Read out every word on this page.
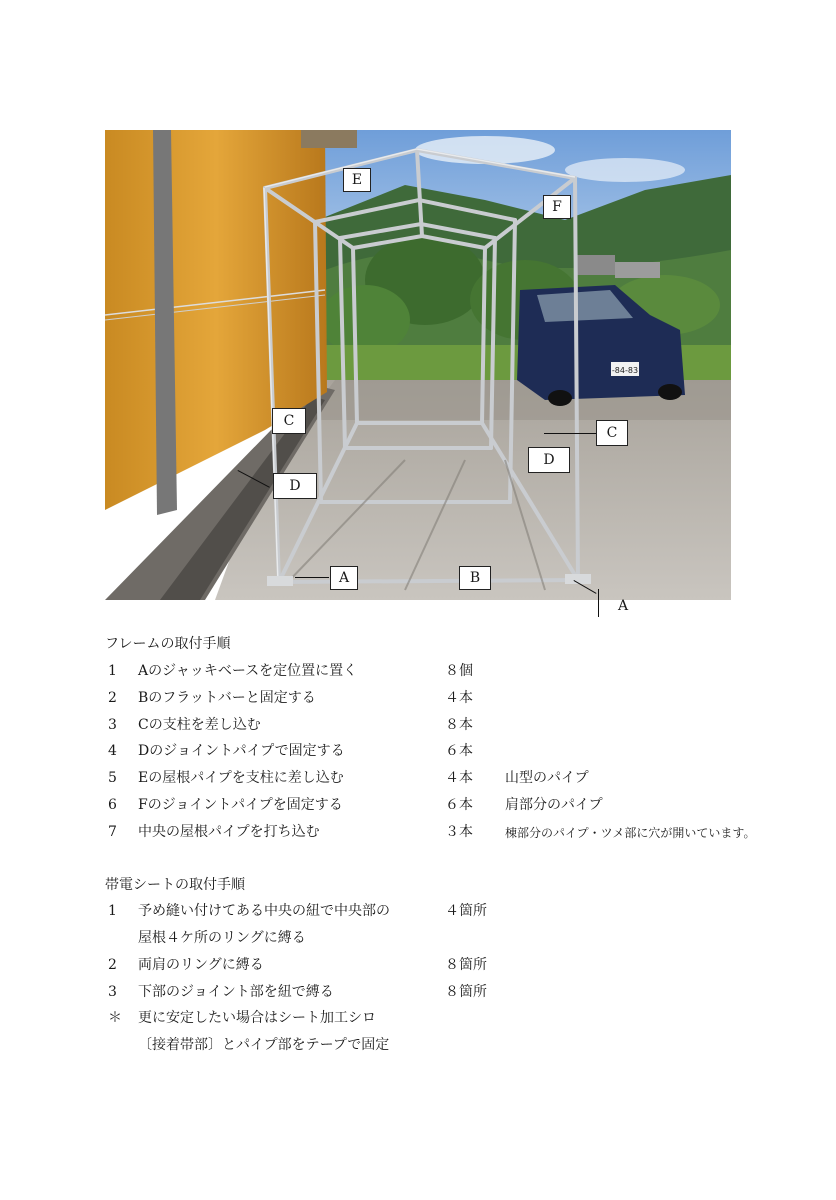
-84-83
E
F
C
C
D
D
A	B
A
フレームの取付手順
1 Aのジャッキベースを定位置に置く	８個
2 Bのフラットバーと固定する	４本
3 Cの支柱を差し込む	８本
4 Dのジョイントパイプで固定する	６本
5 Eの屋根パイプを支柱に差し込む	４本 山型のパイプ
6 Fのジョイントパイプを固定する	６本 肩部分のパイプ
7 中央の屋根パイプを打ち込む	３本	棟部分のパイプ・ツメ部に穴が開いています。
帯電シートの取付手順
1 予め縫い付けてある中央の紐で中央部の	４箇所
屋根４ケ所のリングに縛る
2 両肩のリングに縛る	８箇所
3 下部のジョイント部を紐で縛る	８箇所
＊ 更に安定したい場合はシート加工シロ
〔接着帯部〕とパイプ部をテープで固定
